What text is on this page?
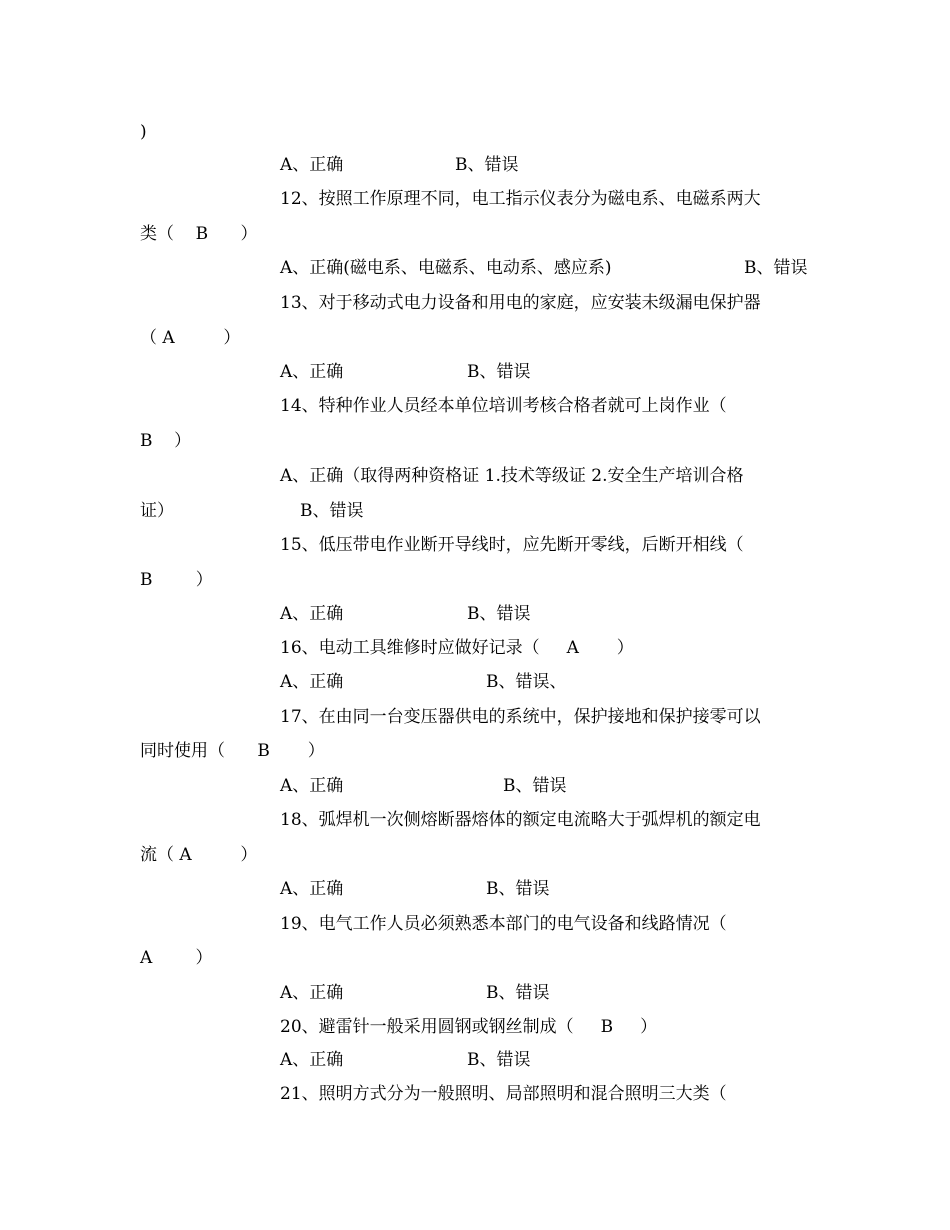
)
A、正确	B、错误
12、按照工作原理不同，电工指示仪表分为磁电系、电磁系两大
类（    B      ）
A、正确(磁电系、电磁系、电动系、感应系)	B、错误
13、对于移动式电力设备和用电的家庭，应安装未级漏电保护器
（ A         ）
A、正确	B、错误
14、特种作业人员经本单位培训考核合格者就可上岗作业（
B    ）
A、正确（取得两种资格证 1.技术等级证 2.安全生产培训合格
证）	B、错误
15、低压带电作业断开导线时，应先断开零线，后断开相线（
B        ）
A、正确	B、错误
16、电动工具维修时应做好记录（     A       ）
A、正确	B、错误、
17、在由同一台变压器供电的系统中，保护接地和保护接零可以
同时使用（      B       ）
A、正确	B、错误
18、弧焊机一次侧熔断器熔体的额定电流略大于弧焊机的额定电
流（ A         ）
A、正确	B、错误
19、电气工作人员必须熟悉本部门的电气设备和线路情况（
A        ）
A、正确	B、错误
20、避雷针一般采用圆钢或钢丝制成（     B     ）
A、正确	B、错误
21、照明方式分为一般照明、局部照明和混合照明三大类（
